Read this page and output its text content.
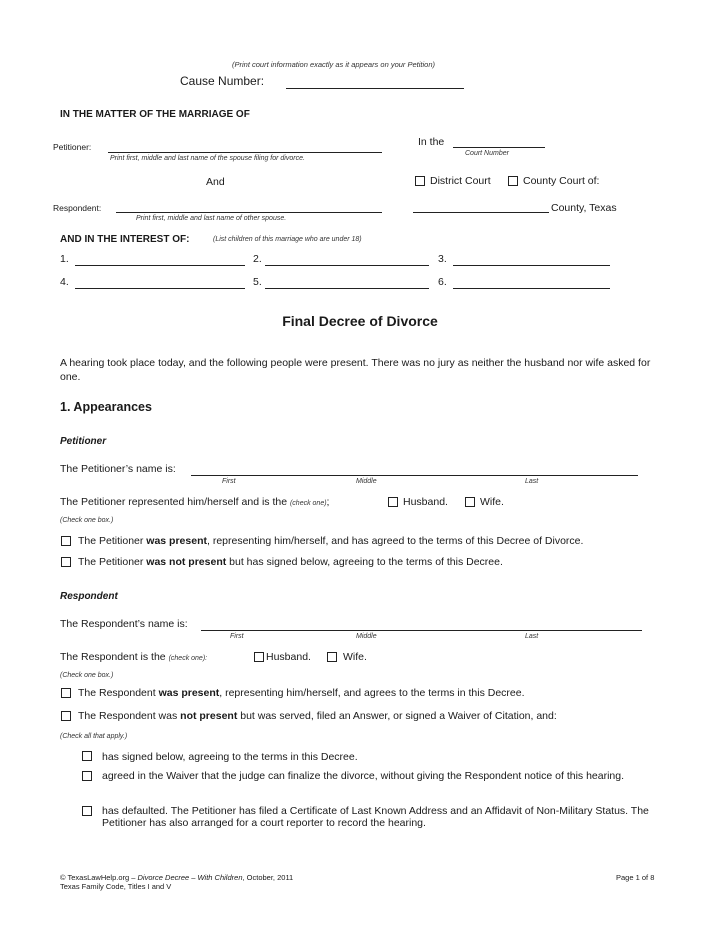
(Print court information exactly as it appears on your Petition)
Cause Number:
IN THE MATTER OF THE MARRIAGE OF
Petitioner:
Print first, middle and last name of the spouse filing for divorce.
And
Respondent:
Print first, middle and last name of other spouse.
In the
Court Number
District Court	County Court of:
County, Texas
AND IN THE INTEREST OF:	(List children of this marriage who are under 18)
1.	2.	3.
4.	5.	6.
Final Decree of Divorce
A hearing took place today, and the following people were present. There was no jury as neither the husband nor wife asked for one.
1. Appearances
Petitioner
The Petitioner’s name is:
First	Middle	Last
The Petitioner represented him/herself and is the (check one);	Husband.	Wife.
(Check one box.)
The Petitioner was present, representing him/herself, and has agreed to the terms of this Decree of Divorce.
The Petitioner was not present but has signed below, agreeing to the terms of this Decree.
Respondent
The Respondent’s name is:
First	Middle	Last
The Respondent is the (check one):	Husband.	Wife.
(Check one box.)
The Respondent was present, representing him/herself, and agrees to the terms in this Decree.
The Respondent was not present but was served, filed an Answer, or signed a Waiver of Citation, and:
(Check all that apply.)
has signed below, agreeing to the terms in this Decree.
agreed in the Waiver that the judge can finalize the divorce, without giving the Respondent notice of this hearing.
has defaulted. The Petitioner has filed a Certificate of Last Known Address and an Affidavit of Non-Military Status. The Petitioner has also arranged for a court reporter to record the hearing.
© TexasLawHelp.org – Divorce Decree – With Children, October, 2011
Texas Family Code, Titles I and V
Page 1 of 8
